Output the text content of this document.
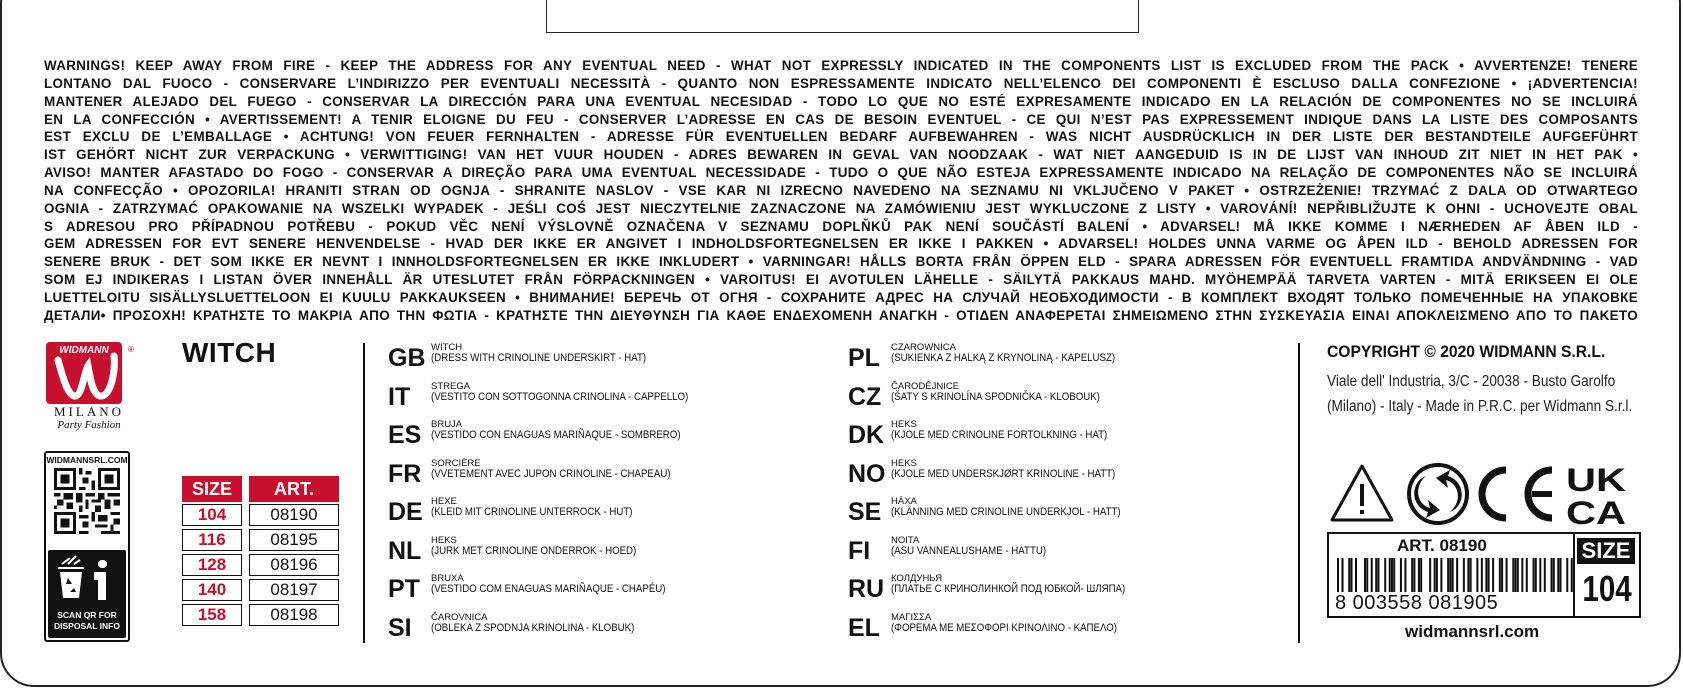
WARNINGS! KEEP AWAY FROM FIRE - KEEP THE ADDRESS FOR ANY EVENTUAL NEED - WHAT NOT EXPRESSLY INDICATED IN THE COMPONENTS LIST IS EXCLUDED FROM THE PACK • AVVERTENZE! TENERE
LONTANO DAL FUOCO - CONSERVARE L’INDIRIZZO PER EVENTUALI NECESSITÀ - QUANTO NON ESPRESSAMENTE INDICATO NELL’ELENCO DEI COMPONENTI È ESCLUSO DALLA CONFEZIONE • ¡ADVERTENCIA!
MANTENER ALEJADO DEL FUEGO - CONSERVAR LA DIRECCIÓN PARA UNA EVENTUAL NECESIDAD - TODO LO QUE NO ESTÉ EXPRESAMENTE INDICADO EN LA RELACIÓN DE COMPONENTES NO SE INCLUIRÁ
EN LA CONFECCIÓN • AVERTISSEMENT! A TENIR ELOIGNE DU FEU - CONSERVER L’ADRESSE EN CAS DE BESOIN EVENTUEL - CE QUI N’EST PAS EXPRESSEMENT INDIQUE DANS LA LISTE DES COMPOSANTS
EST EXCLU DE L’EMBALLAGE • ACHTUNG! VON FEUER FERNHALTEN - ADRESSE FÜR EVENTUELLEN BEDARF AUFBEWAHREN - WAS NICHT AUSDRÜCKLICH IN DER LISTE DER BESTANDTEILE AUFGEFÜHRT
IST GEHÖRT NICHT ZUR VERPACKUNG • VERWITTIGING! VAN HET VUUR HOUDEN - ADRES BEWAREN IN GEVAL VAN NOODZAAK - WAT NIET AANGEDUID IS IN DE LIJST VAN INHOUD ZIT NIET IN HET PAK •
AVISO! MANTER AFASTADO DO FOGO - CONSERVAR A DIREÇÃO PARA UMA EVENTUAL NECESSIDADE - TUDO O QUE NÃO ESTEJA EXPRESSAMENTE INDICADO NA RELAÇÃO DE COMPONENTES NÃO SE INCLUIRÁ
NA CONFECÇÃO • OPOZORILA! HRANITI STRAN OD OGNJA - SHRANITE NASLOV - VSE KAR NI IZRECNO NAVEDENO NA SEZNAMU NI VKLJUČENO V PAKET • OSTRZEŻENIE! TRZYMAĆ Z DALA OD OTWARTEGO
OGNIA - ZATRZYMAĆ OPAKOWANIE NA WSZELKI WYPADEK - JEŚLI COŚ JEST NIECZYTELNIE ZAZNACZONE NA ZAMÓWIENIU JEST WYKLUCZONE Z LISTY • VAROVÁNÍ! NEPŘIBLIŽUJTE K OHNI - UCHOVEJTE OBAL
S ADRESOU PRO PŘÍPADNOU POTŘEBU - POKUD VĚC NENÍ VÝSLOVNĚ OZNAČENA V SEZNAMU DOPLŇKŮ PAK NENÍ SOUČÁSTÍ BALENÍ • ADVARSEL! MÅ IKKE KOMME I NÆRHEDEN AF ÅBEN ILD -
GEM ADRESSEN FOR EVT SENERE HENVENDELSE - HVAD DER IKKE ER ANGIVET I INDHOLDSFORTEGNELSEN ER IKKE I PAKKEN • ADVARSEL! HOLDES UNNA VARME OG ÅPEN ILD - BEHOLD ADRESSEN FOR
SENERE BRUK - DET SOM IKKE ER NEVNT I INNHOLDSFORTEGNELSEN ER IKKE INKLUDERT • VARNINGAR! HÅLLS BORTA FRÅN ÖPPEN ELD - SPARA ADRESSEN FÖR EVENTUELL FRAMTIDA ANDVÄNDNING - VAD
SOM EJ INDIKERAS I LISTAN ÖVER INNEHÅLL ÄR UTESLUTET FRÅN FÖRPACKNINGEN • VAROITUS! EI AVOTULEN LÄHELLE - SÄILYTÄ PAKKAUS MAHD. MYÖHEMPÄÄ TARVETA VARTEN - MITÄ ERIKSEEN EI OLE
LUETTELOITU SISÄLLYSLUETTELOON EI KUULU PAKKAUKSEEN • ВНИМАНИЕ! БЕРЕЧЬ ОТ ОГНЯ - СОХРАНИТЕ АДРЕС НА СЛУЧАЙ НЕОБХОДИМОСТИ - В КОМПЛЕКТ ВХОДЯТ ТОЛЬКО ПОМЕЧЕННЫЕ НА УПАКОВКЕ
ДЕТАЛИ• ΠΡΟΣΟΧΗ! ΚΡΑΤΗΣΤΕ ΤΟ ΜΑΚΡΙΑ ΑΠΟ ΤΗΝ ΦΩΤΙΑ - ΚΡΑΤΗΣΤΕ ΤΗΝ ΔΙΕΥΘΥΝΣΗ ΓΙΑ ΚΑΘΕ ΕΝΔΕΧΟΜΕΝΗ ΑΝΑΓΚΗ - ΟΤΙΔΕΝ ΑΝΑΦΕΡΕΤΑΙ ΣΗΜΕΙΩΜΕΝΟ ΣΤΗΝ ΣΥΣΚΕΥΑΣΙΑ ΕΙΝΑΙ ΑΠΟΚΛΕΙΣΜΕΝΟ ΑΠΟ ΤΟ ΠΑΚΕΤΟ
WIDMANN ®
MILANO
Party Fashion
WITCH
WIDMANNSRL.COM
SCAN QR FOR
DISPOSAL INFO
SIZE	ART.
104	08190
116	08195
128	08196
140	08197
158	08198
GB WITCH
(DRESS WITH CRINOLINE UNDERSKIRT - HAT)
IT	STREGA
(VESTITO CON SOTTOGONNA CRINOLINA - CAPPELLO)
ES	BRUJA
(VESTIDO CON ENAGUAS MARIÑAQUE - SOMBRERO)
FR	SORCIÈRE
(VVETEMENT AVEC JUPON CRINOLINE - CHAPEAU)
DE HEXE
(KLEID MIT CRINOLINE UNTERROCK - HUT)
NL	HEKS
(JURK MET CRINOLINE ONDERROK - HOED)
PT	BRUXA
(VESTIDO COM ENAGUAS MARIÑAQUE - CHAPÉU)
SI	ČAROVNICA
(OBLEKA Z SPODNJA KRINOLINA - KLOBUK)
PL	CZAROWNICA
(SUKIENKA Z HALKĄ Z KRYNOLINĄ - KAPELUSZ)
CZ	ČARODĚJNICE
(ŠATY S KRINOLÍNA SPODNIČKA - KLOBOUK)
DK HEKS
(KJOLE MED CRINOLINE FORTOLKNING - HAT)
NO HEKS
(KJOLE MED UNDERSKJØRT KRINOLINE - HATT)
SE	HÄXA
(KLÄNNING MED CRINOLINE UNDERKJOL - HATT)
FI	NOITA
(ASU VANNEALUSHAME - HATTU)
RU КОЛДУНЬЯ
(ПЛАТЬЕ С КРИНОЛИНКОЙ ПОД ЮБКОЙ- ШЛЯПА)
EL	ΜΑΓΙΣΣΑ
(ΦΟΡΕΜΑ ΜΕ ΜΕΣΟΦΟΡΙ ΚΡΙΝΟΛΙΝΟ - ΚΑΠΕΛΟ)
COPYRIGHT © 2020 WIDMANN S.R.L.
Viale dell' Industria, 3/C - 20038 - Busto Garolfo
(Milano) - Italy - Made in P.R.C. per Widmann S.r.l.
UK
CA
ART. 08190
8 003558 081905
SIZE
104
widmannsrl.com
